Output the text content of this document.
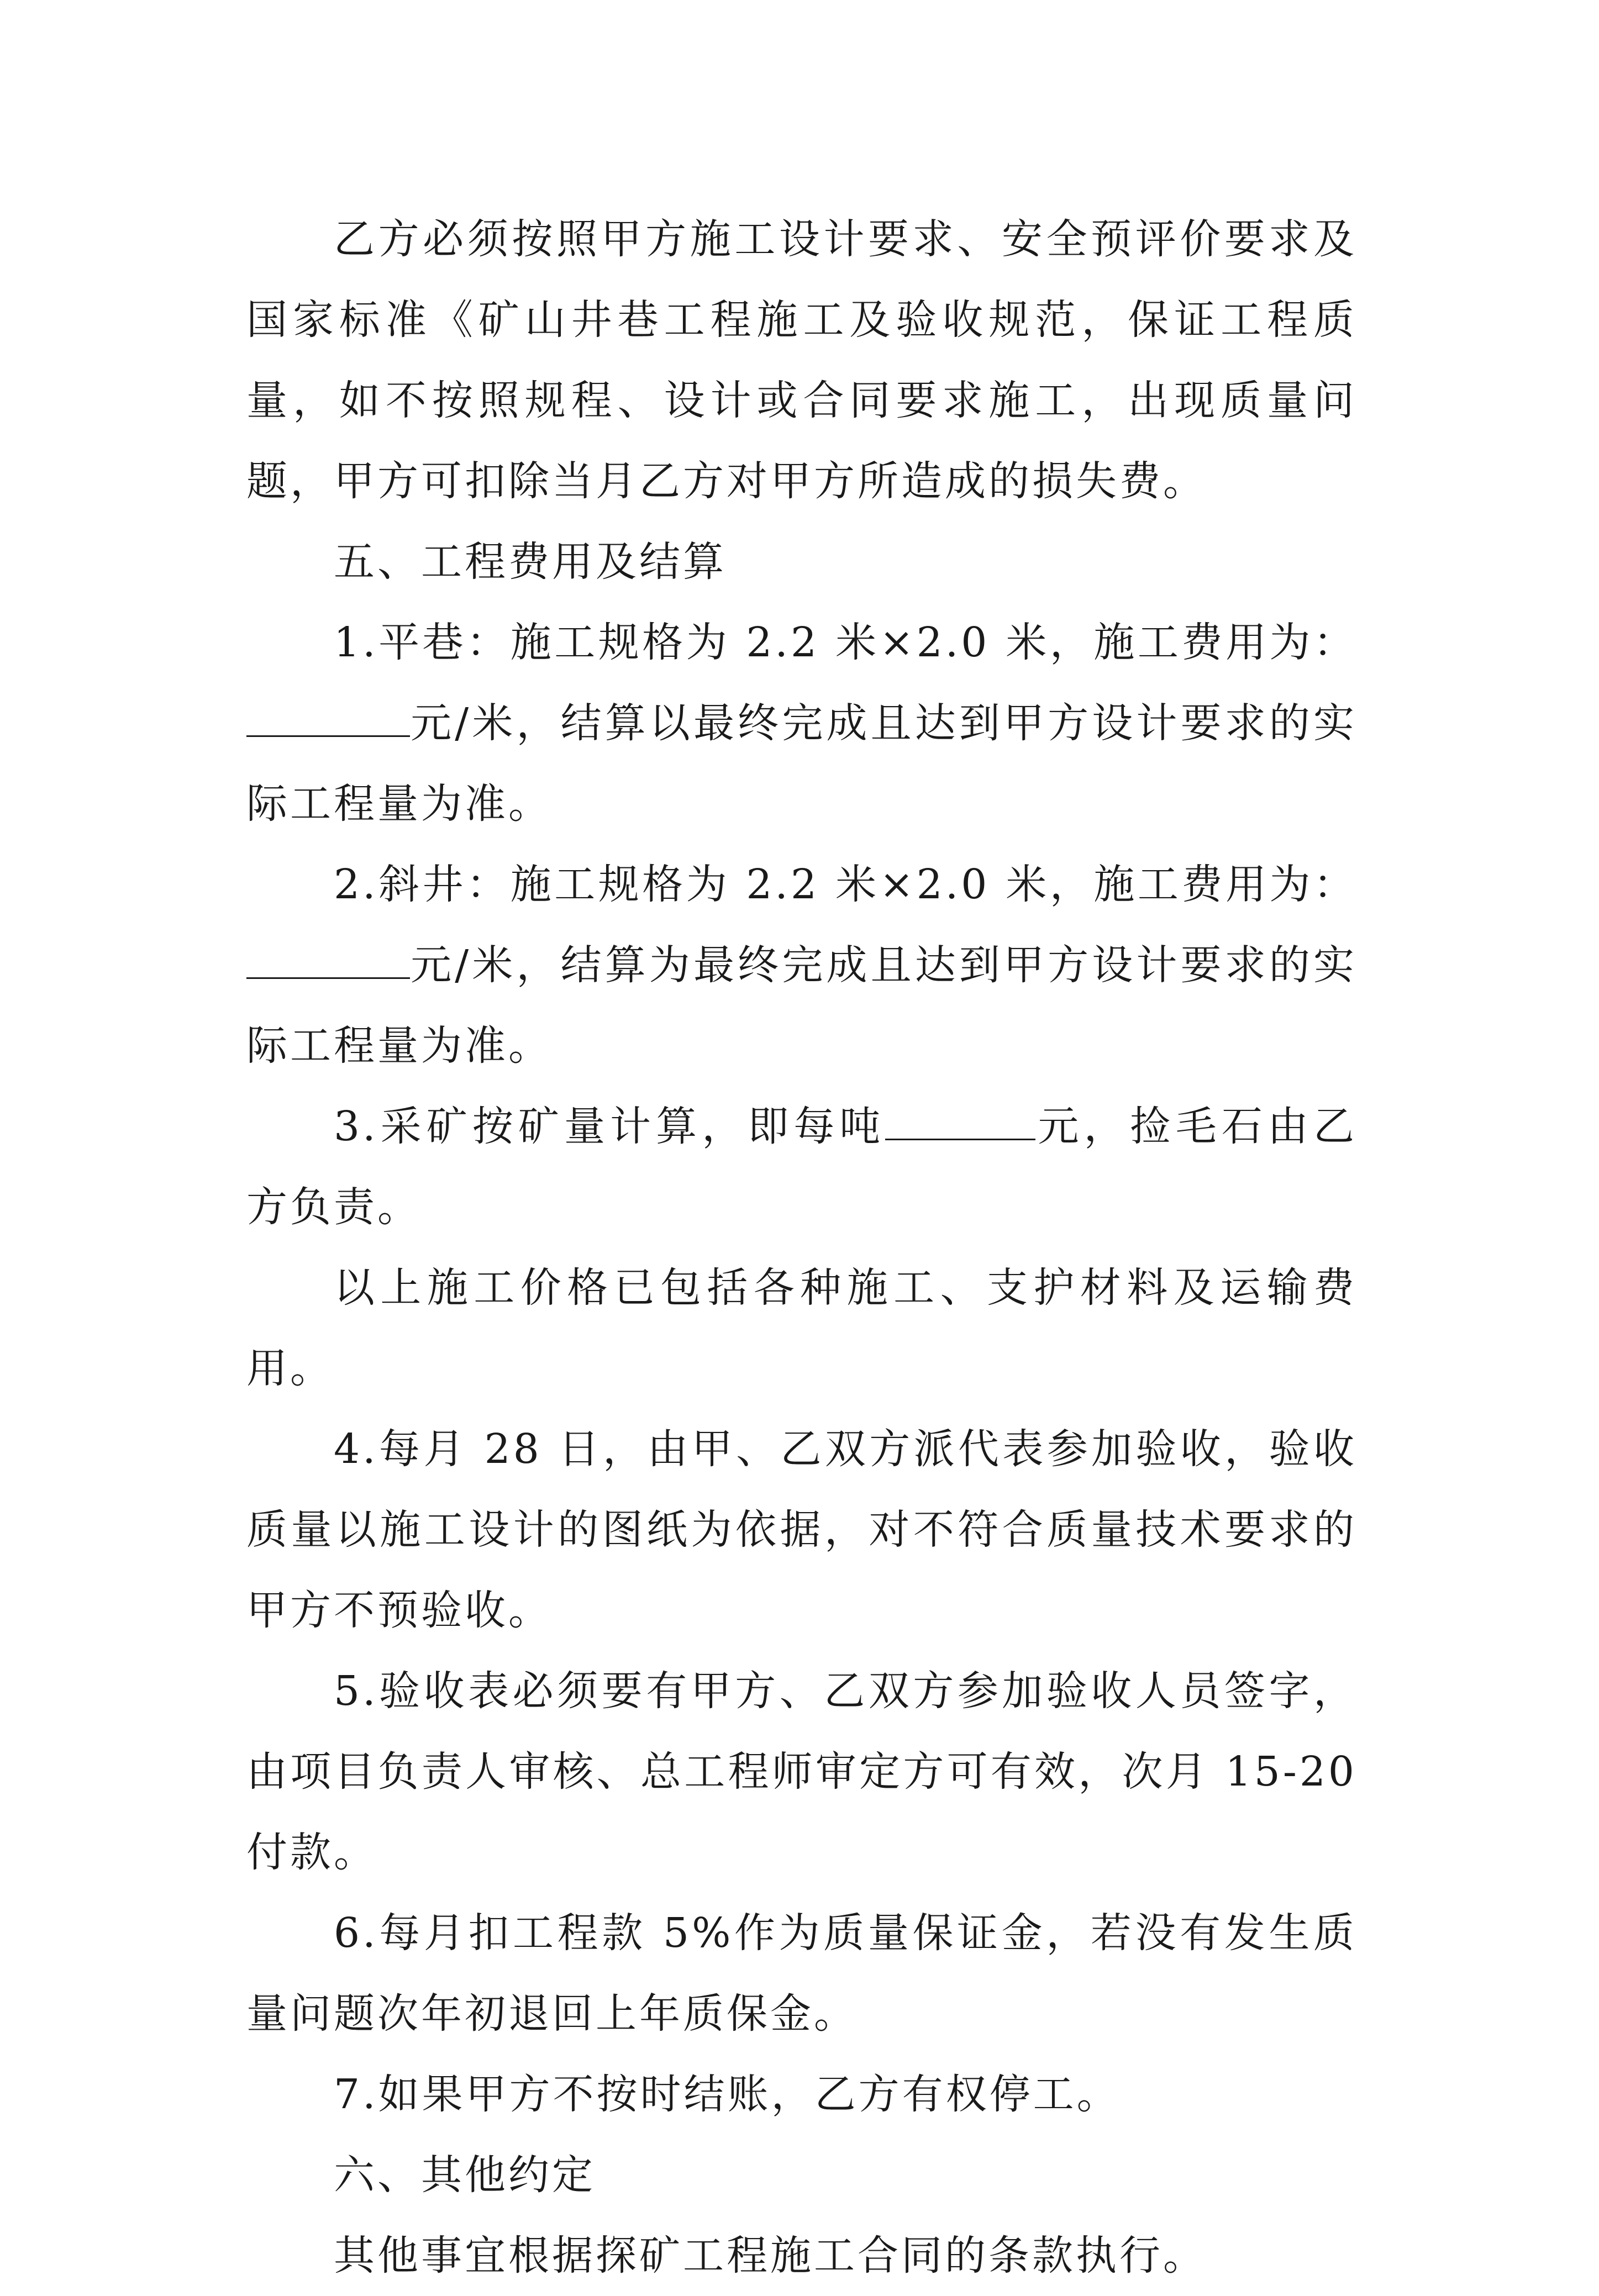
乙方必须按照甲方施工设计要求、安全预评价要求及国家标准《矿山井巷工程施工及验收规范，保证工程质量，如不按照规程、设计或合同要求施工，出现质量问题，甲方可扣除当月乙方对甲方所造成的损失费。

五、工程费用及结算

1.平巷：施工规格为 2.2 米×2.0 米，施工费用为：元/米，结算以最终完成且达到甲方设计要求的实际工程量为准。

2.斜井：施工规格为 2.2 米×2.0 米，施工费用为：元/米，结算为最终完成且达到甲方设计要求的实际工程量为准。

3.采矿按矿量计算，即每吨	元，捡毛石由乙方负责。

以上施工价格已包括各种施工、支护材料及运输费用。

4.每月 28 日，由甲、乙双方派代表参加验收，验收质量以施工设计的图纸为依据，对不符合质量技术要求的甲方不预验收。

5.验收表必须要有甲方、乙双方参加验收人员签字，由项目负责人审核、总工程师审定方可有效，次月 15-20 付款。

6.每月扣工程款 5%作为质量保证金，若没有发生质量问题次年初退回上年质保金。

7.如果甲方不按时结账，乙方有权停工。

六、其他约定

其他事宜根据探矿工程施工合同的条款执行。
